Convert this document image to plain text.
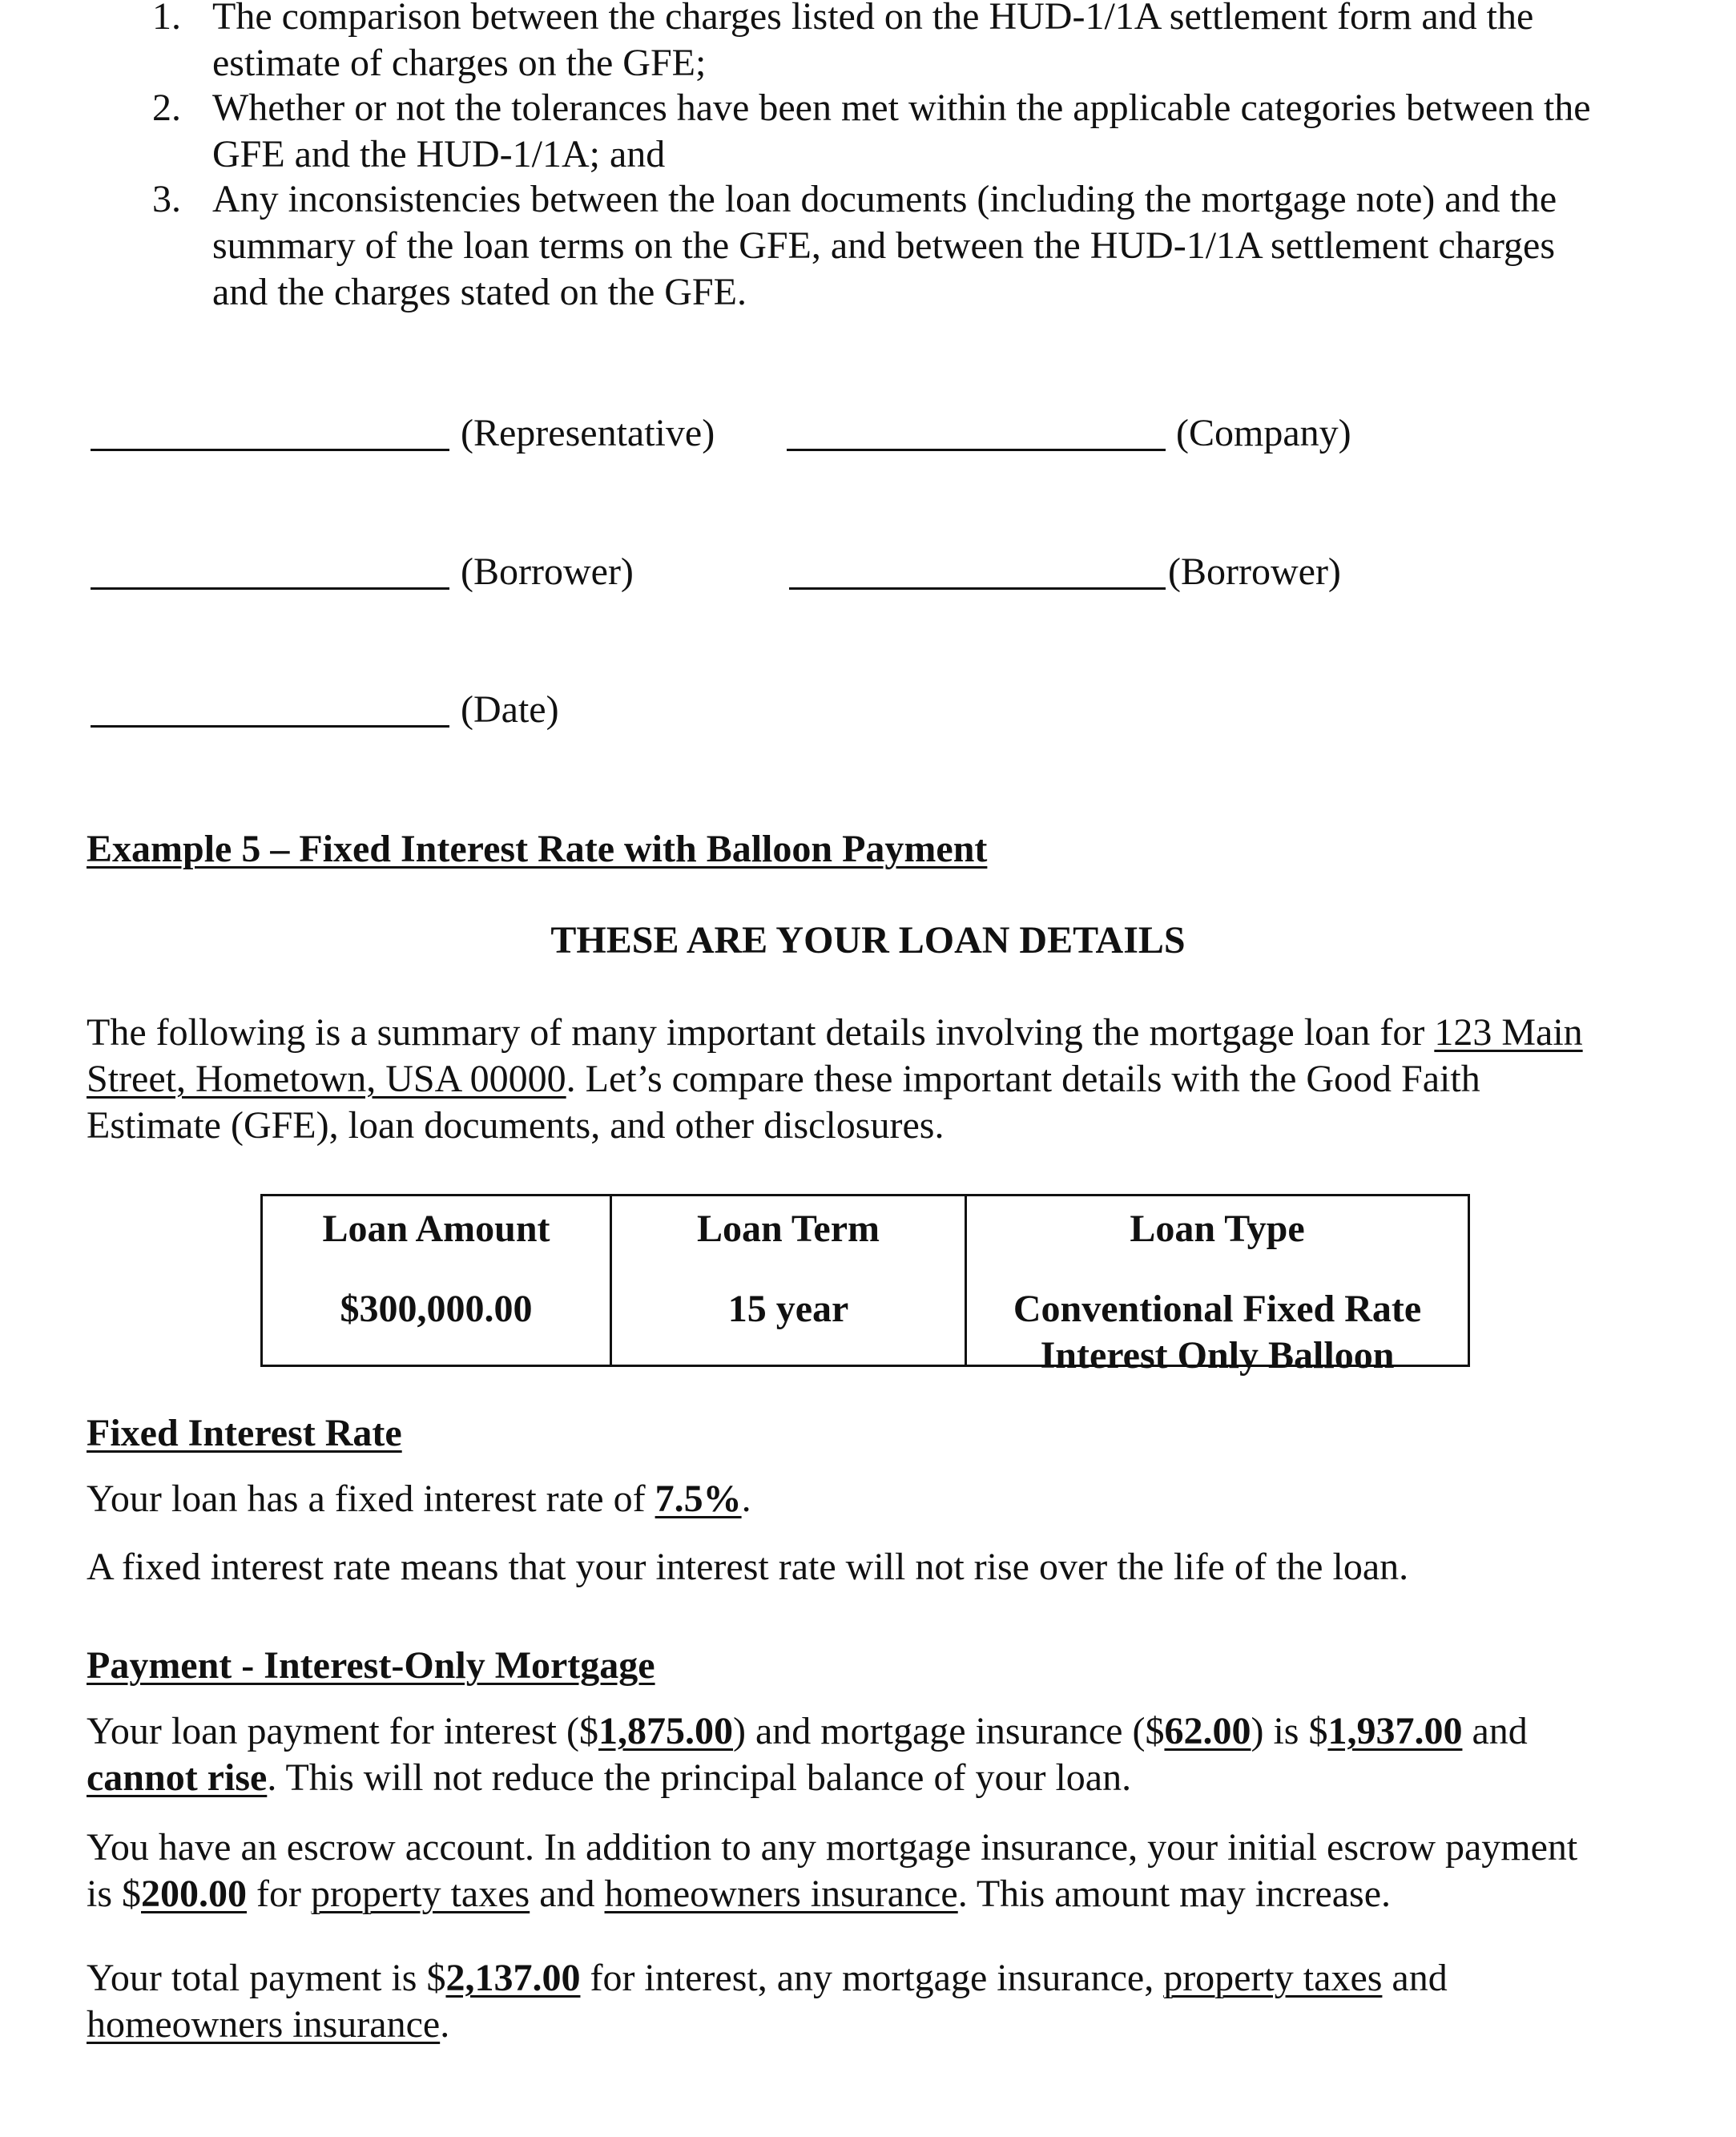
1. The comparison between the charges listed on the HUD-1/1A settlement form and the
estimate of charges on the GFE;
2. Whether or not the tolerances have been met within the applicable categories between the
GFE and the HUD-1/1A; and
3. Any inconsistencies between the loan documents (including the mortgage note) and the
summary of the loan terms on the GFE, and between the HUD-1/1A settlement charges
and the charges stated on the GFE.
(Representative)	(Company)
(Borrower)	(Borrower)
(Date)
Example 5 – Fixed Interest Rate with Balloon Payment
THESE ARE YOUR LOAN DETAILS
The following is a summary of many important details involving the mortgage loan for 123 Main
Street, Hometown, USA 00000. Let’s compare these important details with the Good Faith
Estimate (GFE), loan documents, and other disclosures.
Loan Amount
$300,000.00
Loan Term
15 year
Loan Type
Conventional Fixed Rate
Interest Only Balloon
Fixed Interest Rate
Your loan has a fixed interest rate of 7.5%.
A fixed interest rate means that your interest rate will not rise over the life of the loan.
Payment - Interest-Only Mortgage
Your loan payment for interest ($1,875.00) and mortgage insurance ($62.00) is $1,937.00 and
cannot rise. This will not reduce the principal balance of your loan.
You have an escrow account. In addition to any mortgage insurance, your initial escrow payment
is $200.00 for property taxes and homeowners insurance. This amount may increase.
Your total payment is $2,137.00 for interest, any mortgage insurance, property taxes and
homeowners insurance.
